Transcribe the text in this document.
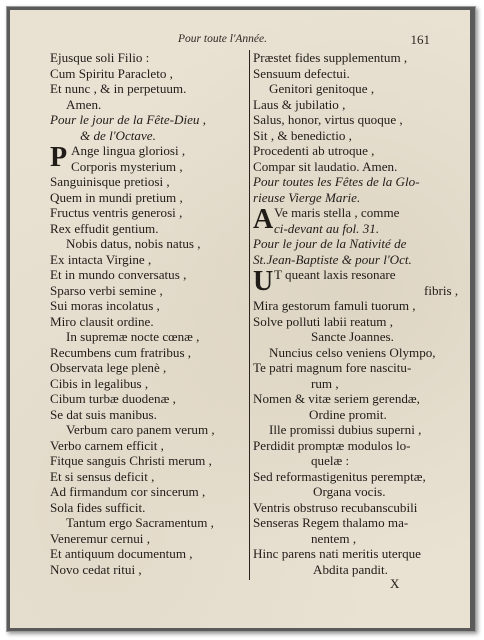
Pour toute l'Année.	161
Ejusque soli Filio :
Cum Spiritu Paracleto ,
Et nunc , & in perpetuum.
Amen.
Pour le jour de la Fête-Dieu ,
& de l'Octave.
P Ange lingua gloriosi ,
Corporis mysterium ,
Sanguinisque pretiosi ,
Quem in mundi pretium ,
Fructus ventris generosi ,
Rex effudit gentium.
Nobis datus, nobis natus ,
Ex intacta Virgine ,
Et in mundo conversatus ,
Sparso verbi semine ,
Sui moras incolatus ,
Miro clausit ordine.
In supremæ nocte cœnæ ,
Recumbens cum fratribus ,
Observata lege plenè ,
Cibis in legalibus ,
Cibum turbæ duodenæ ,
Se dat suis manibus.
Verbum caro panem verum ,
Verbo carnem efficit ,
Fitque sanguis Christi merum ,
Et si sensus deficit ,
Ad firmandum cor sincerum ,
Sola fides sufficit.
Tantum ergo Sacramentum ,
Veneremur cernui ,
Et antiquum documentum ,
Novo cedat ritui ,
Præstet fides supplementum ,
Sensuum defectui.
Genitori genitoque ,
Laus & jubilatio ,
Salus, honor, virtus quoque ,
Sit , & benedictio ,
Procedenti ab utroque ,
Compar sit laudatio. Amen.
Pour toutes les Fêtes de la Glo-
rieuse Vierge Marie.
A Ve maris stella , comme
ci-devant au fol. 31.
Pour le jour de la Nativité de
St.Jean-Baptiste & pour l'Oct.
U T queant laxis resonare
fibris ,
Mira gestorum famuli tuorum ,
Solve polluti labii reatum ,
Sancte Joannes.
Nuncius celso veniens Olympo,
Te patri magnum fore nascitu-
rum ,
Nomen & vitæ seriem gerendæ,
Ordine promit.
Ille promissi dubius superni ,
Perdidit promptæ modulos lo-
quelæ :
Sed reformastigenitus peremptæ,
Organa vocis.
Ventris obstruso recubanscubili
Senseras Regem thalamo ma-
nentem ,
Hinc parens nati meritis uterque
Abdita pandit.
X
